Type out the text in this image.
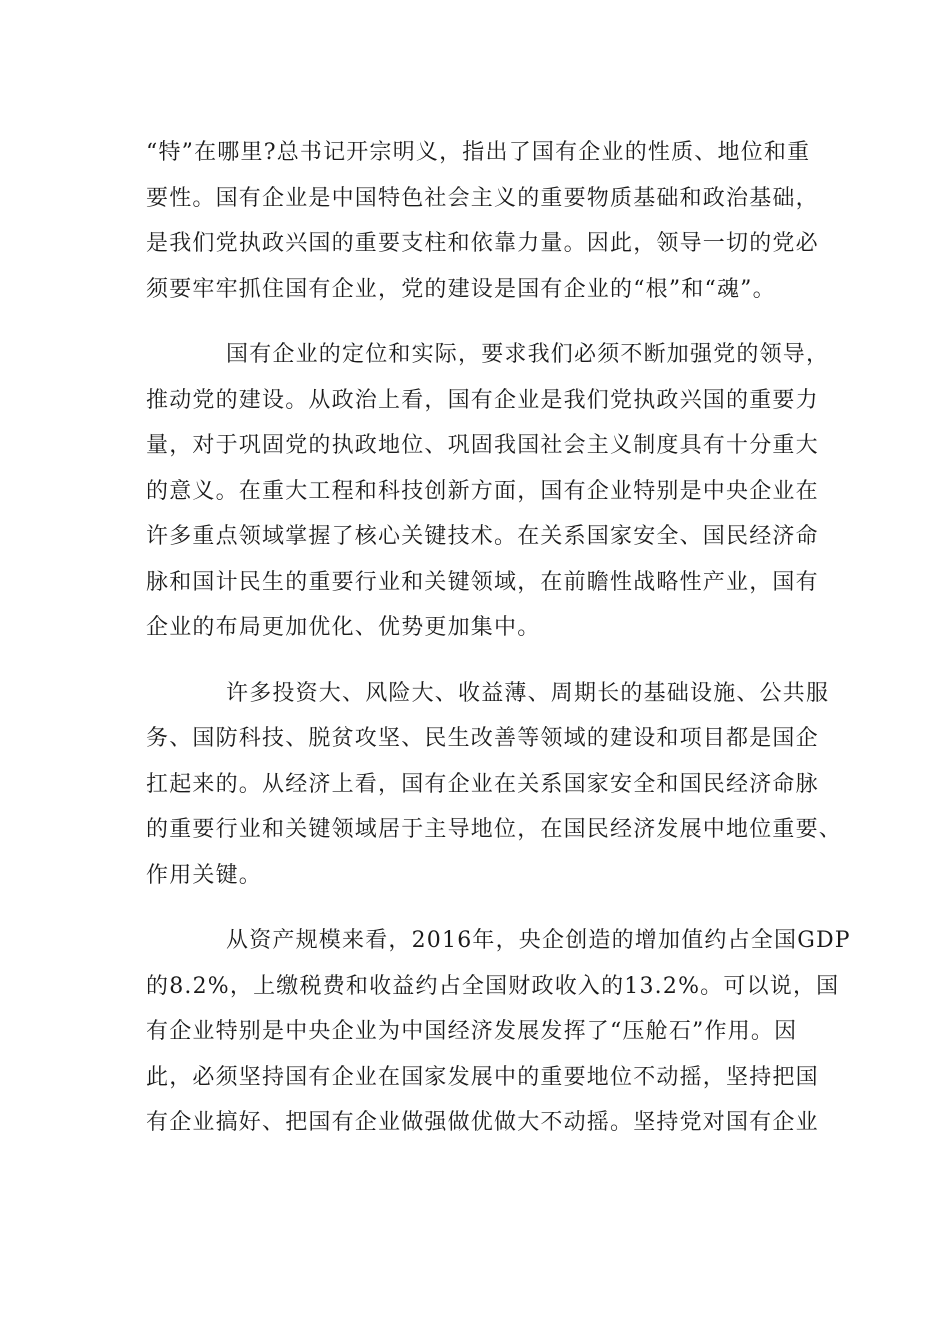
“特”在哪里?总书记开宗明义，指出了国有企业的性质、地位和重
要性。国有企业是中国特色社会主义的重要物质基础和政治基础，
是我们党执政兴国的重要支柱和依靠力量。因此，领导一切的党必
须要牢牢抓住国有企业，党的建设是国有企业的“根”和“魂”。
国有企业的定位和实际，要求我们必须不断加强党的领导，
推动党的建设。从政治上看，国有企业是我们党执政兴国的重要力
量，对于巩固党的执政地位、巩固我国社会主义制度具有十分重大
的意义。在重大工程和科技创新方面，国有企业特别是中央企业在
许多重点领域掌握了核心关键技术。在关系国家安全、国民经济命
脉和国计民生的重要行业和关键领域，在前瞻性战略性产业，国有
企业的布局更加优化、优势更加集中。
许多投资大、风险大、收益薄、周期长的基础设施、公共服
务、国防科技、脱贫攻坚、民生改善等领域的建设和项目都是国企
扛起来的。从经济上看，国有企业在关系国家安全和国民经济命脉
的重要行业和关键领域居于主导地位，在国民经济发展中地位重要、
作用关键。
从资产规模来看，2016年，央企创造的增加值约占全国GDP
的8.2%，上缴税费和收益约占全国财政收入的13.2%。可以说，国
有企业特别是中央企业为中国经济发展发挥了“压舱石”作用。因
此，必须坚持国有企业在国家发展中的重要地位不动摇，坚持把国
有企业搞好、把国有企业做强做优做大不动摇。坚持党对国有企业
